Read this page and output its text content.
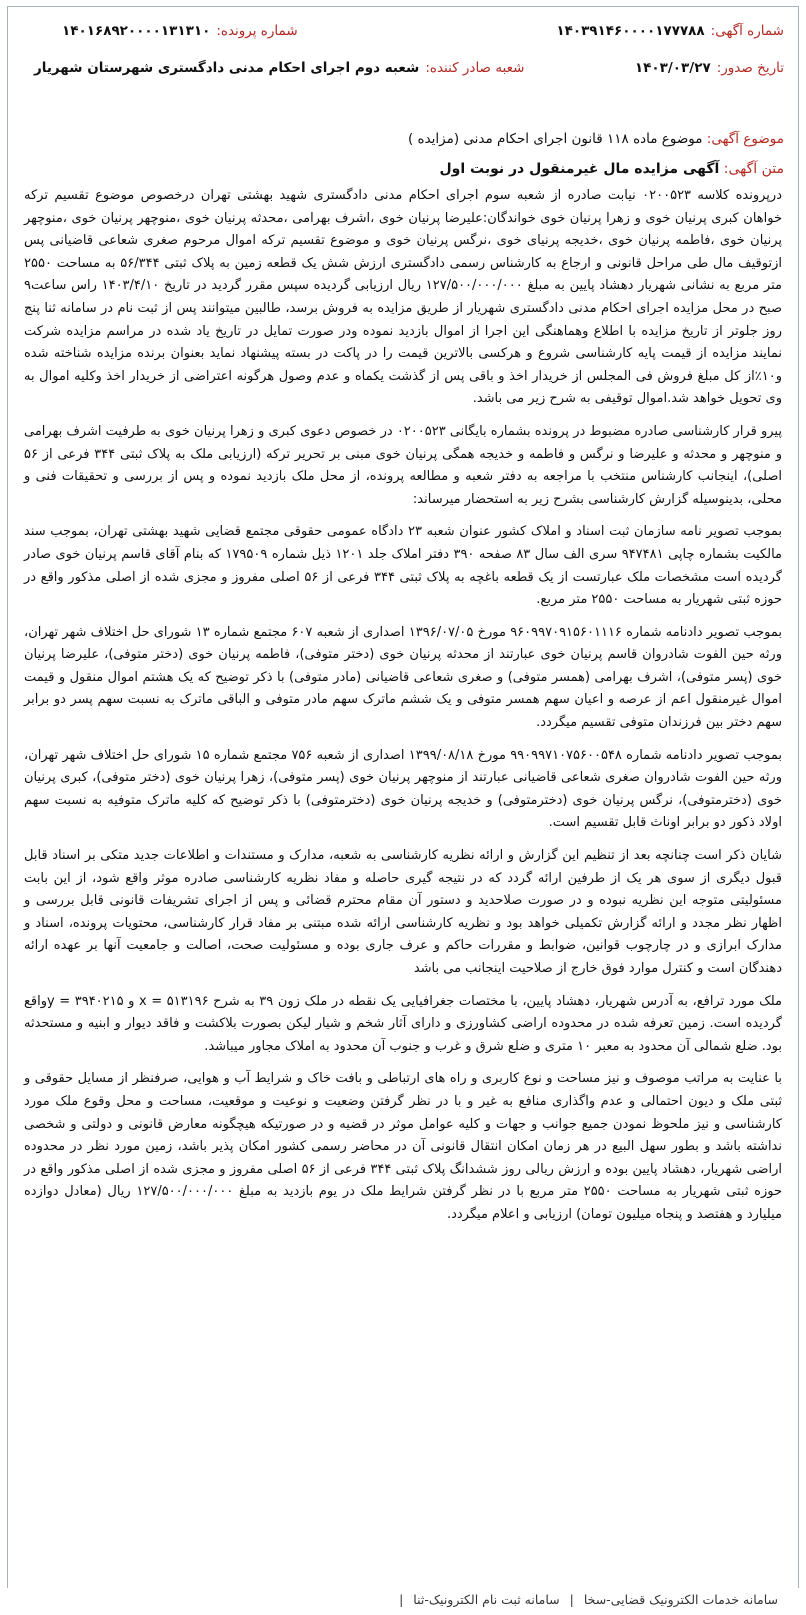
شماره آگهی:
۱۴۰۳۹۱۴۶۰۰۰۰۱۷۷۷۸۸
شماره پرونده:
۱۴۰۱۶۸۹۲۰۰۰۰۱۳۱۳۱۰
تاریخ صدور:
۱۴۰۳/۰۳/۲۷
شعبه صادر کننده:
شعبه دوم اجرای احکام مدنی دادگستری شهرستان شهریار
موضوع آگهی: موضوع ماده ۱۱۸ قانون اجرای احکام مدنی (مزایده )
متن آگهی: آگهی مزایده مال غیرمنقول در نوبت اول

درپرونده کلاسه ۰۲۰۰۵۲۳ نیابت صادره از شعبه سوم اجرای احکام مدنی دادگستری شهید بهشتی تهران درخصوص موضوع تقسیم ترکه خواهان کبری پرنیان خوی و زهرا پرنیان خوی خواندگان:علیرضا پرنیان خوی ،اشرف بهرامی ،محدثه پرنیان خوی ،منوچهر پرنیان خوی ،منوچهر پرنیان خوی ،فاطمه پرنیان خوی ،خدیجه پرنیای خوی ،نرگس پرنیان خوی و موضوع تقسیم ترکه اموال مرحوم صغری شعاعی قاضیانی پس ازتوقیف مال طی مراحل قانونی و ارجاع به کارشناس رسمی دادگستری ارزش شش یک قطعه زمین به پلاک ثبتی ۵۶/۳۴۴ به مساحت ۲۵۵۰ متر مربع به نشانی شهریار دهشاد پایین به مبلغ ۱۲۷/۵۰۰/۰۰۰/۰۰۰ ریال ارزیابی گردیده سپس مقرر گردید در تاریخ ۱۴۰۳/۴/۱۰ راس ساعت۹ صبح در محل مزایده اجرای احکام مدنی دادگستری شهریار از طریق مزایده به فروش برسد، طالبین میتوانند پس از ثبت نام در سامانه ثنا پنج روز جلوتر از تاریخ مزایده با اطلاع وهماهنگی این اجرا از اموال بازدید نموده ودر صورت تمایل در تاریخ یاد شده در مراسم مزایده شرکت نمایند مزایده از قیمت پایه کارشناسی شروع و هرکسی بالاترین قیمت را در پاکت در بسته پیشنهاد نماید بعنوان برنده مزایده شناخته شده و۱۰٪از کل مبلغ فروش فی المجلس از خریدار اخذ و باقی پس از گذشت یکماه و عدم وصول هرگونه اعتراضی از خریدار اخذ وکلیه اموال به وی تحویل خواهد شد.اموال توقیفی به شرح زیر می باشد.

پیرو قرار کارشناسی صادره مضبوط در پرونده بشماره بایگانی ۰۲۰۰۵۲۳ در خصوص دعوی کبری و زهرا پرنیان خوی به طرفیت اشرف بهرامی و منوچهر و محدثه و علیرضا و نرگس و فاطمه و خدیجه همگی پرنیان خوی مبنی بر تحریر ترکه (ارزیابی ملک به پلاک ثبتی ۳۴۴ فرعی از ۵۶ اصلی)، اینجانب کارشناس منتخب با مراجعه به دفتر شعبه و مطالعه پرونده، از محل ملک بازدید نموده و پس از بررسی و تحقیقات فنی و محلی، بدینوسیله گزارش کارشناسی بشرح زیر به استحضار میرساند:

بموجب تصویر نامه سازمان ثبت اسناد و املاک کشور عنوان شعبه ۲۳ دادگاه عمومی حقوقی مجتمع قضایی شهید بهشتی تهران، بموجب سند مالکیت بشماره چاپی ۹۴۷۴۸۱ سری الف سال ۸۳ صفحه ۳۹۰ دفتر املاک جلد ۱۲۰۱ ذیل شماره ۱۷۹۵۰۹ که بنام آقای قاسم پرنیان خوی صادر گردیده است مشخصات ملک عبارتست از یک قطعه باغچه به پلاک ثبتی ۳۴۴ فرعی از ۵۶ اصلی مفروز و مجزی شده از اصلی مذکور واقع در حوزه ثبتی شهریار به مساحت ۲۵۵۰ متر مربع.

بموجب تصویر دادنامه شماره ۹۶۰۹۹۷۰۹۱۵۶۰۱۱۱۶ مورخ ۱۳۹۶/۰۷/۰۵ اصداری از شعبه ۶۰۷ مجتمع شماره ۱۳ شورای حل اختلاف شهر تهران، ورثه حین الفوت شادروان قاسم پرنیان خوی عبارتند از محدثه پرنیان خوی (دختر متوفی)، فاطمه پرنیان خوی (دختر متوفی)، علیرضا پرنیان خوی (پسر متوفی)، اشرف بهرامی (همسر متوفی) و صغری شعاعی قاضیانی (مادر متوفی) با ذکر توضیح که یک هشتم اموال منقول و قیمت اموال غیرمنقول اعم از عرصه و اعیان سهم همسر متوفی و یک ششم ماترک سهم مادر متوفی و الباقی ماترک به نسبت سهم پسر دو برابر سهم دختر بین فرزندان متوفی تقسیم میگردد.

بموجب تصویر دادنامه شماره ۹۹۰۹۹۷۱۰۷۵۶۰۰۵۴۸ مورخ ۱۳۹۹/۰۸/۱۸ اصداری از شعبه ۷۵۶ مجتمع شماره ۱۵ شورای حل اختلاف شهر تهران، ورثه حین الفوت شادروان صغری شعاعی قاضیانی عبارتند از منوچهر پرنیان خوی (پسر متوفی)، زهرا پرنیان خوی (دختر متوفی)، کبری پرنیان خوی (دخترمتوفی)، نرگس پرنیان خوی (دخترمتوفی) و خدیجه پرنیان خوی (دخترمتوفی) با ذکر توضیح که کلیه ماترک متوفیه به نسبت سهم اولاد ذکور دو برابر اوناث قابل تقسیم است.

شایان ذکر است چنانچه بعد از تنظیم این گزارش و ارائه نظریه کارشناسی به شعبه، مدارک و مستندات و اطلاعات جدید متکی بر اسناد قابل قبول دیگری از سوی هر یک از طرفین ارائه گردد که در نتیجه گیری حاصله و مفاد نظریه کارشناسی صادره موثر واقع شود، از این بابت مسئولیتی متوجه این نظریه نبوده و در صورت صلاحدید و دستور آن مقام محترم قضائی و پس از اجرای تشریفات قانونی قابل بررسی و اظهار نظر مجدد و ارائه گزارش تکمیلی خواهد بود و نظریه کارشناسی ارائه شده مبتنی بر مفاد قرار کارشناسی، محتویات پرونده، اسناد و مدارک ابرازی و در چارچوب قوانین، ضوابط و مقررات حاکم و عرف جاری بوده و مسئولیت صحت، اصالت و جامعیت آنها بر عهده ارائه دهندگان است و کنترل موارد فوق خارج از صلاحیت اینجانب می باشد

ملک مورد ترافع، به آدرس شهریار، دهشاد پایین، با مختصات جغرافیایی یک نقطه در ملک زون ۳۹ به شرح ۵۱۳۱۹۶ = x و ۳۹۴۰۲۱۵ = yواقع گردیده است. زمین تعرفه شده در محدوده اراضی کشاورزی و دارای آثار شخم و شیار لیکن بصورت بلاکشت و فاقد دیوار و ابنیه و مستحدثه بود. ضلع شمالی آن محدود به معبر ۱۰ متری و ضلع شرق و غرب و جنوب آن محدود به املاک مجاور میباشد.

با عنایت به مراتب موصوف و نیز مساحت و نوع کاربری و راه های ارتباطی و بافت خاک و شرایط آب و هوایی، صرفنظر از مسایل حقوقی و ثبتی ملک و دیون احتمالی و عدم واگذاری منافع به غیر و با در نظر گرفتن وضعیت و نوعیت و موقعیت، مساحت و محل وقوع ملک مورد کارشناسی و نیز ملحوظ نمودن جمیع جوانب و جهات و کلیه عوامل موثر در قضیه و در صورتیکه هیچگونه معارض قانونی و دولتی و شخصی نداشته باشد و بطور سهل البیع در هر زمان امکان انتقال قانونی آن در محاضر رسمی کشور امکان پذیر باشد، زمین مورد نظر در محدوده اراضی شهریار، دهشاد پایین بوده و ارزش ریالی روز ششدانگ پلاک ثبتی ۳۴۴ فرعی از ۵۶ اصلی مفروز و مجزی شده از اصلی مذکور واقع در حوزه ثبتی شهریار به مساحت ۲۵۵۰ متر مربع با در نظر گرفتن شرایط ملک در یوم بازدید به مبلغ ۱۲۷/۵۰۰/۰۰۰/۰۰۰ ریال (معادل دوازده میلیارد و هفتصد و پنجاه میلیون تومان) ارزیابی و اعلام میگردد.

سامانه خدمات الکترونیک قضایی-سخا | سامانه ثبت نام الکترونیک-ثنا |
